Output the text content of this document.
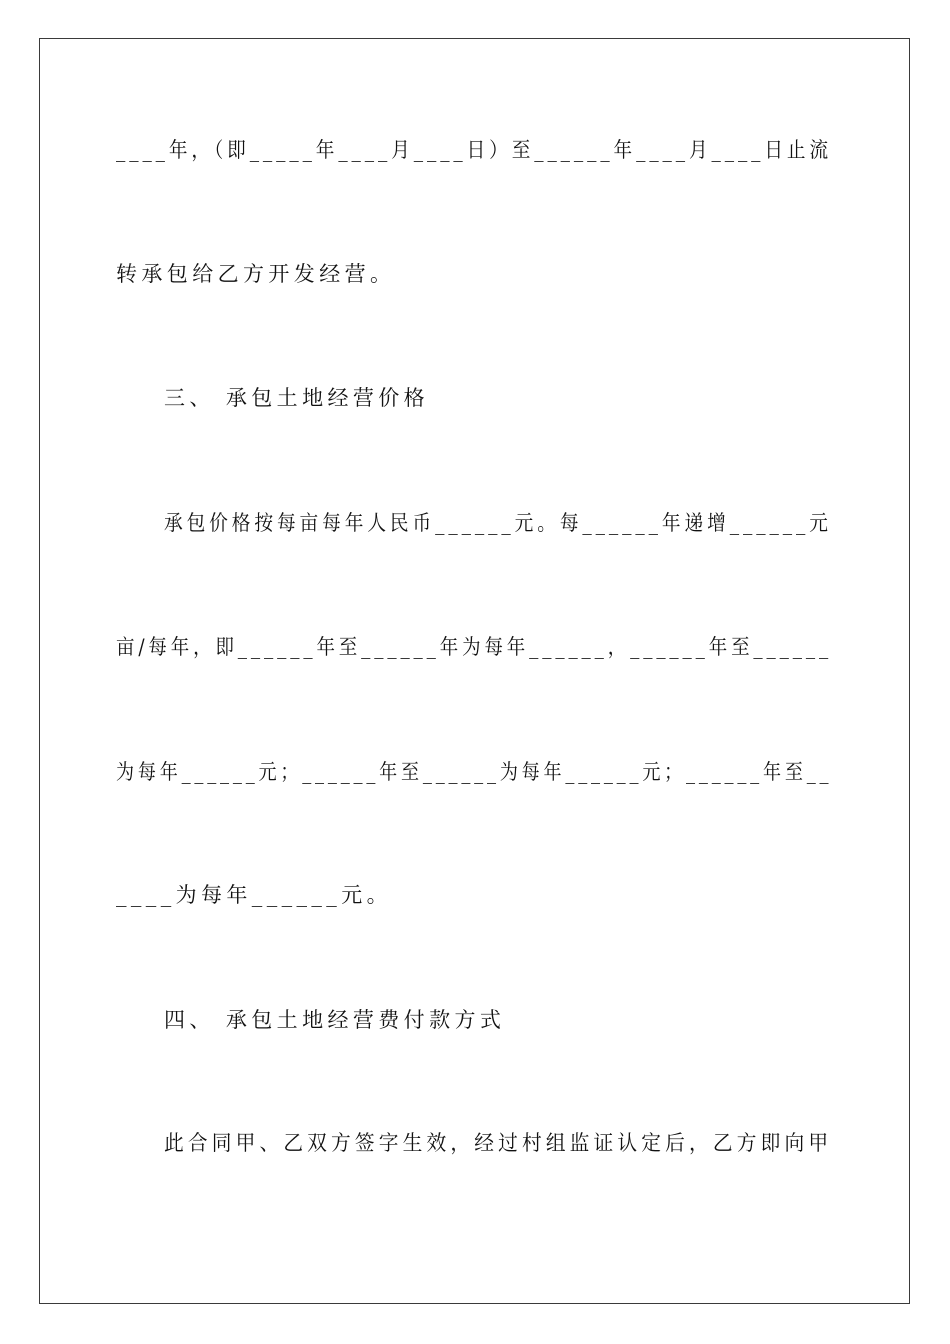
____年，（即_____年____月____日）至______年____月____日止流

转承包给乙方开发经营。

三、 承包土地经营价格

承包价格按每亩每年人民币______元。每______年递增______元

亩/每年，即______年至______年为每年______，______年至______

为每年______元；______年至______为每年______元；______年至__

____为每年______元。

四、 承包土地经营费付款方式

此合同甲、乙双方签字生效，经过村组监证认定后，乙方即向甲
